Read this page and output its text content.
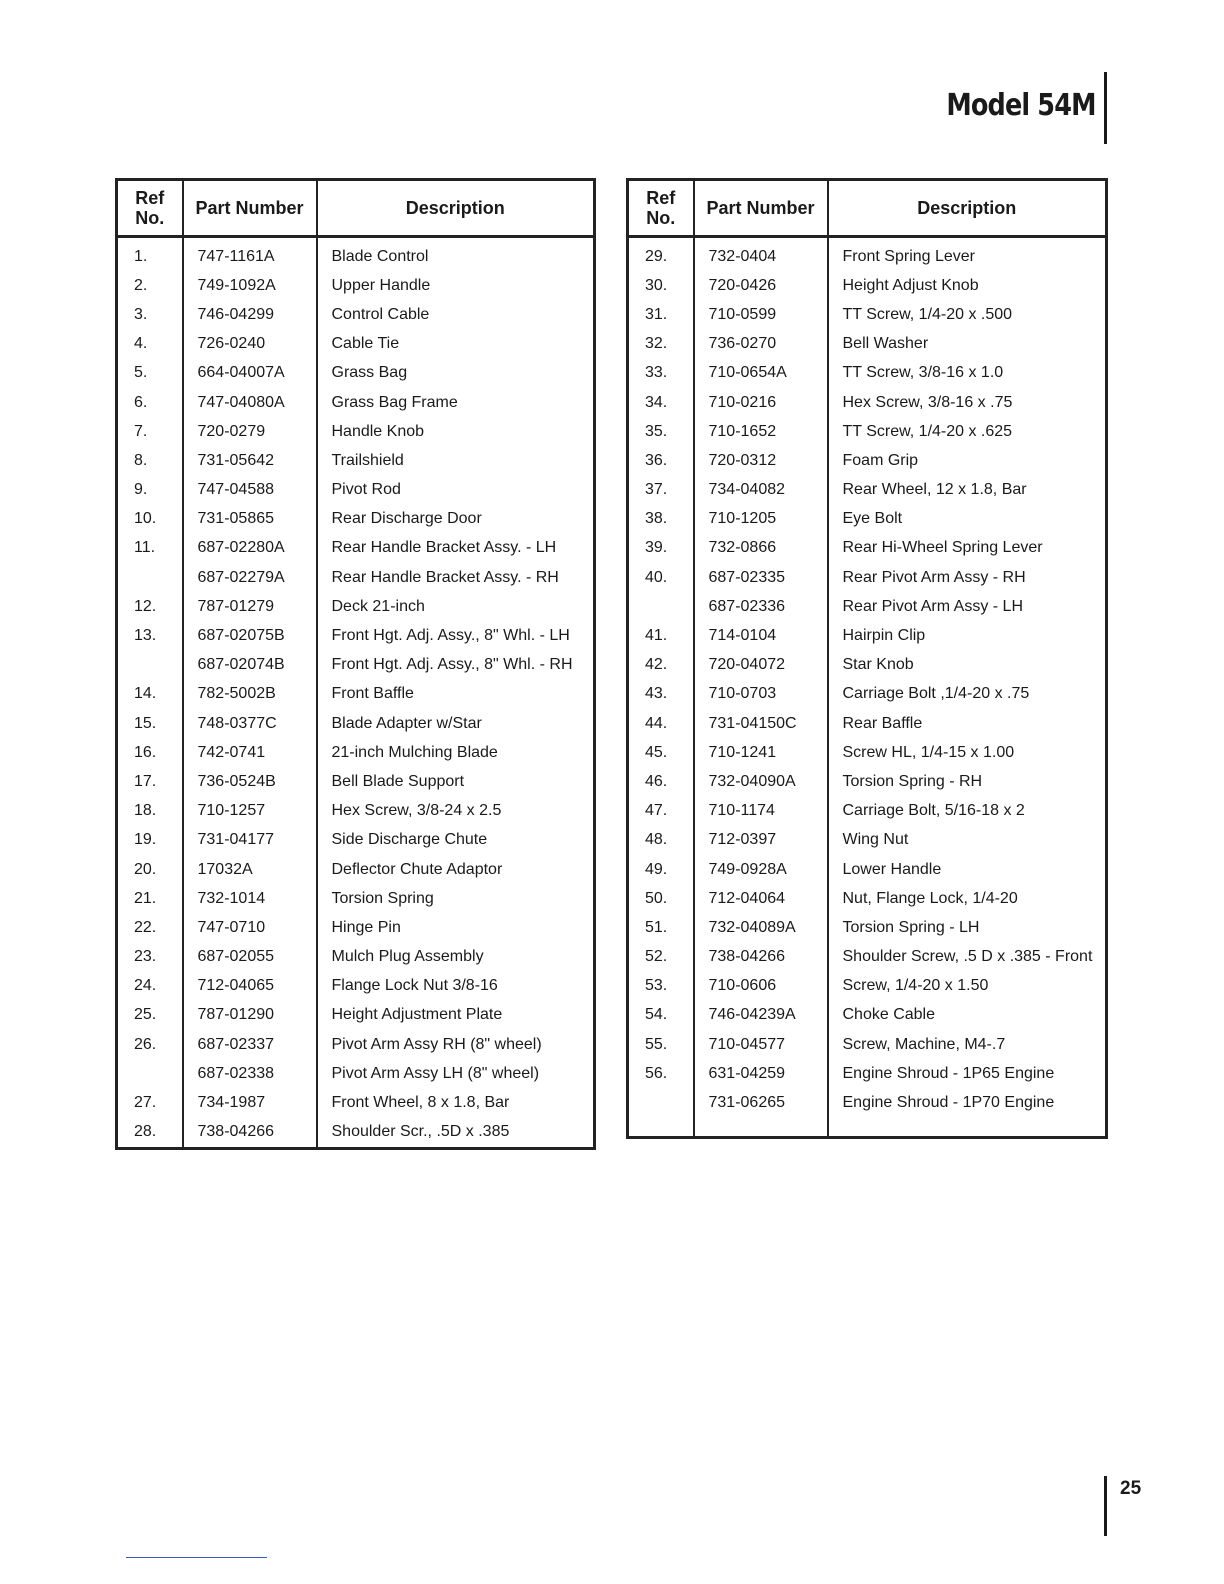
Model 54M
Ref No.	Part Number	Description
1.	747-1161A	Blade Control
2.	749-1092A	Upper Handle
3.	746-04299	Control Cable
4.	726-0240	Cable Tie
5.	664-04007A	Grass Bag
6.	747-04080A	Grass Bag Frame
7.	720-0279	Handle Knob
8.	731-05642	Trailshield
9.	747-04588	Pivot Rod
10.	731-05865	Rear Discharge Door
11.	687-02280A	Rear Handle Bracket Assy. - LH
	687-02279A	Rear Handle Bracket Assy. - RH
12.	787-01279	Deck 21-inch
13.	687-02075B	Front Hgt. Adj. Assy., 8" Whl. - LH
	687-02074B	Front Hgt. Adj. Assy., 8" Whl. - RH
14.	782-5002B	Front Baffle
15.	748-0377C	Blade Adapter w/Star
16.	742-0741	21-inch Mulching Blade
17.	736-0524B	Bell Blade Support
18.	710-1257	Hex Screw, 3/8-24 x 2.5
19.	731-04177	Side Discharge Chute
20.	17032A	Deflector Chute Adaptor
21.	732-1014	Torsion Spring
22.	747-0710	Hinge Pin
23.	687-02055	Mulch Plug Assembly
24.	712-04065	Flange Lock Nut 3/8-16
25.	787-01290	Height Adjustment Plate
26.	687-02337	Pivot Arm Assy RH (8" wheel)
	687-02338	Pivot Arm Assy LH (8" wheel)
27.	734-1987	Front Wheel, 8 x 1.8, Bar
28.	738-04266	Shoulder Scr., .5D x .385
Ref No.	Part Number	Description
29.	732-0404	Front Spring Lever
30.	720-0426	Height Adjust Knob
31.	710-0599	TT Screw, 1/4-20 x .500
32.	736-0270	Bell Washer
33.	710-0654A	TT Screw, 3/8-16 x 1.0
34.	710-0216	Hex Screw, 3/8-16 x .75
35.	710-1652	TT Screw, 1/4-20 x .625
36.	720-0312	Foam Grip
37.	734-04082	Rear Wheel, 12 x 1.8, Bar
38.	710-1205	Eye Bolt
39.	732-0866	Rear Hi-Wheel Spring Lever
40.	687-02335	Rear Pivot Arm Assy - RH
	687-02336	Rear Pivot Arm Assy - LH
41.	714-0104	Hairpin Clip
42.	720-04072	Star Knob
43.	710-0703	Carriage Bolt ,1/4-20 x .75
44.	731-04150C	Rear Baffle
45.	710-1241	Screw HL, 1/4-15 x 1.00
46.	732-04090A	Torsion Spring - RH
47.	710-1174	Carriage Bolt, 5/16-18 x 2
48.	712-0397	Wing Nut
49.	749-0928A	Lower Handle
50.	712-04064	Nut, Flange Lock, 1/4-20
51.	732-04089A	Torsion Spring - LH
52.	738-04266	Shoulder Screw, .5 D x .385 - Front
53.	710-0606	Screw, 1/4-20 x 1.50
54.	746-04239A	Choke Cable
55.	710-04577	Screw, Machine, M4-.7
56.	631-04259	Engine Shroud - 1P65 Engine
	731-06265	Engine Shroud - 1P70 Engine

25
